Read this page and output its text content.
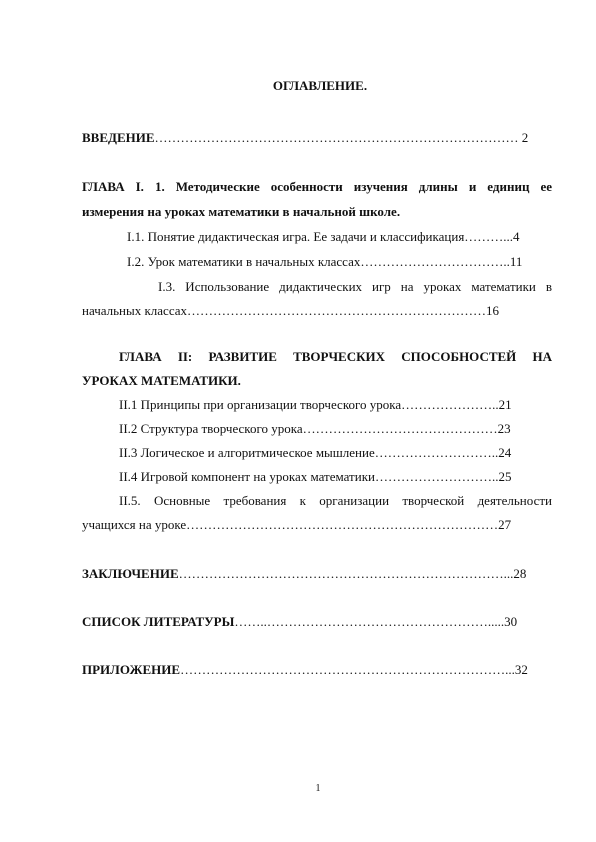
ОГЛАВЛЕНИЕ.
ВВЕДЕНИЕ………………………………………………………………………… 2
ГЛАВА I. 1. Методические особенности изучения длины и единиц ее
измерения на уроках математики в начальной школе.
I.1. Понятие дидактическая игра. Ее задачи и классификация………...4
I.2. Урок математики в начальных классах……………………………..11
I.3. Использование дидактических игр на уроках математики в
начальных классах……………………………………………………………16
ГЛАВА II: РАЗВИТИЕ ТВОРЧЕСКИХ СПОСОБНОСТЕЙ НА
УРОКАХ МАТЕМАТИКИ.
II.1 Принципы при организации творческого урока…………………..21
II.2 Структура творческого урока………………………………………23
II.3 Логическое и алгоритмическое мышление………………………..24
II.4 Игровой компонент на уроках математики………………………..25
II.5. Основные требования к организации творческой деятельности
учащихся на уроке………………………………………………………………27
ЗАКЛЮЧЕНИЕ…………………………………………………………………...28
СПИСОК ЛИТЕРАТУРЫ……..…………………………………………….....30
ПРИЛОЖЕНИЕ…………………………………………………………………...32
1
